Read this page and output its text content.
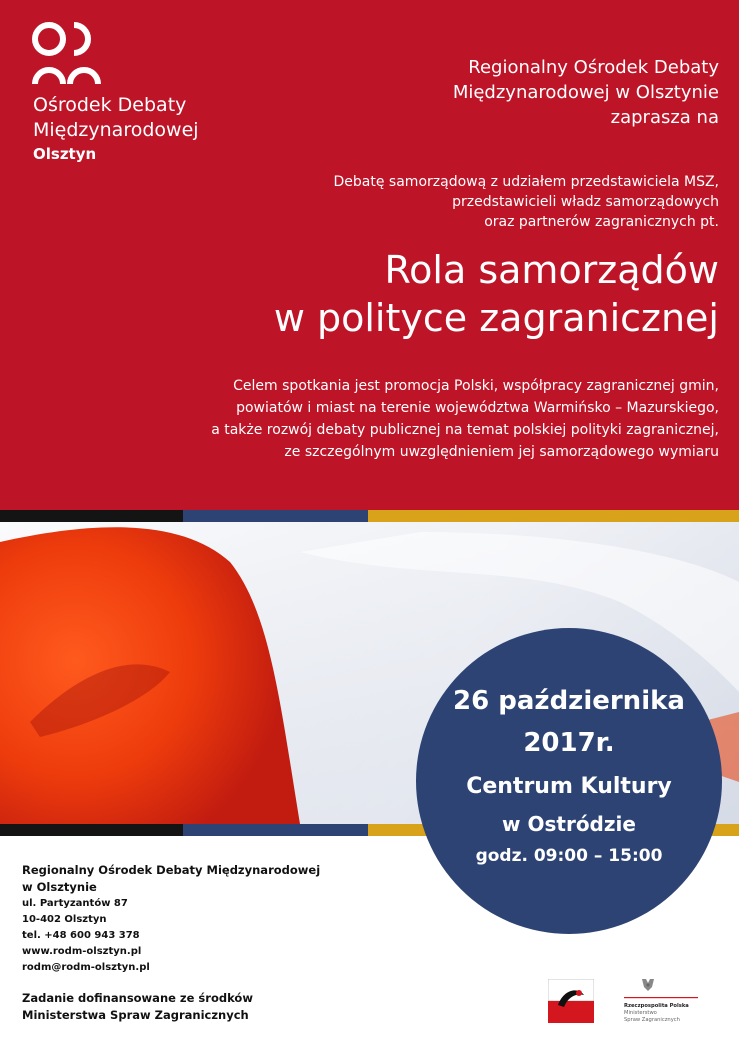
Ośrodek Debaty
Międzynarodowej
Olsztyn
Regionalny Ośrodek Debaty
Międzynarodowej w Olsztynie
zaprasza na
Debatę samorządową z udziałem przedstawiciela MSZ,
przedstawicieli władz samorządowych
oraz partnerów zagranicznych pt.
Rola samorządów
w polityce zagranicznej
Celem spotkania jest promocja Polski, współpracy zagranicznej gmin,
powiatów i miast na terenie województwa Warmińsko – Mazurskiego,
a także rozwój debaty publicznej na temat polskiej polityki zagranicznej,
ze szczególnym uwzględnieniem jej samorządowego wymiaru
26 października
2017r.
Centrum Kultury
w Ostródzie
godz. 09:00 – 15:00
Regionalny Ośrodek Debaty Międzynarodowej
w Olsztynie
ul. Partyzantów 87
10-402 Olsztyn
tel. +48 600 943 378
www.rodm-olsztyn.pl
rodm@rodm-olsztyn.pl
Zadanie dofinansowane ze środków
Ministerstwa Spraw Zagranicznych
Rzeczpospolita Polska
Ministerstwo
Spraw Zagranicznych
